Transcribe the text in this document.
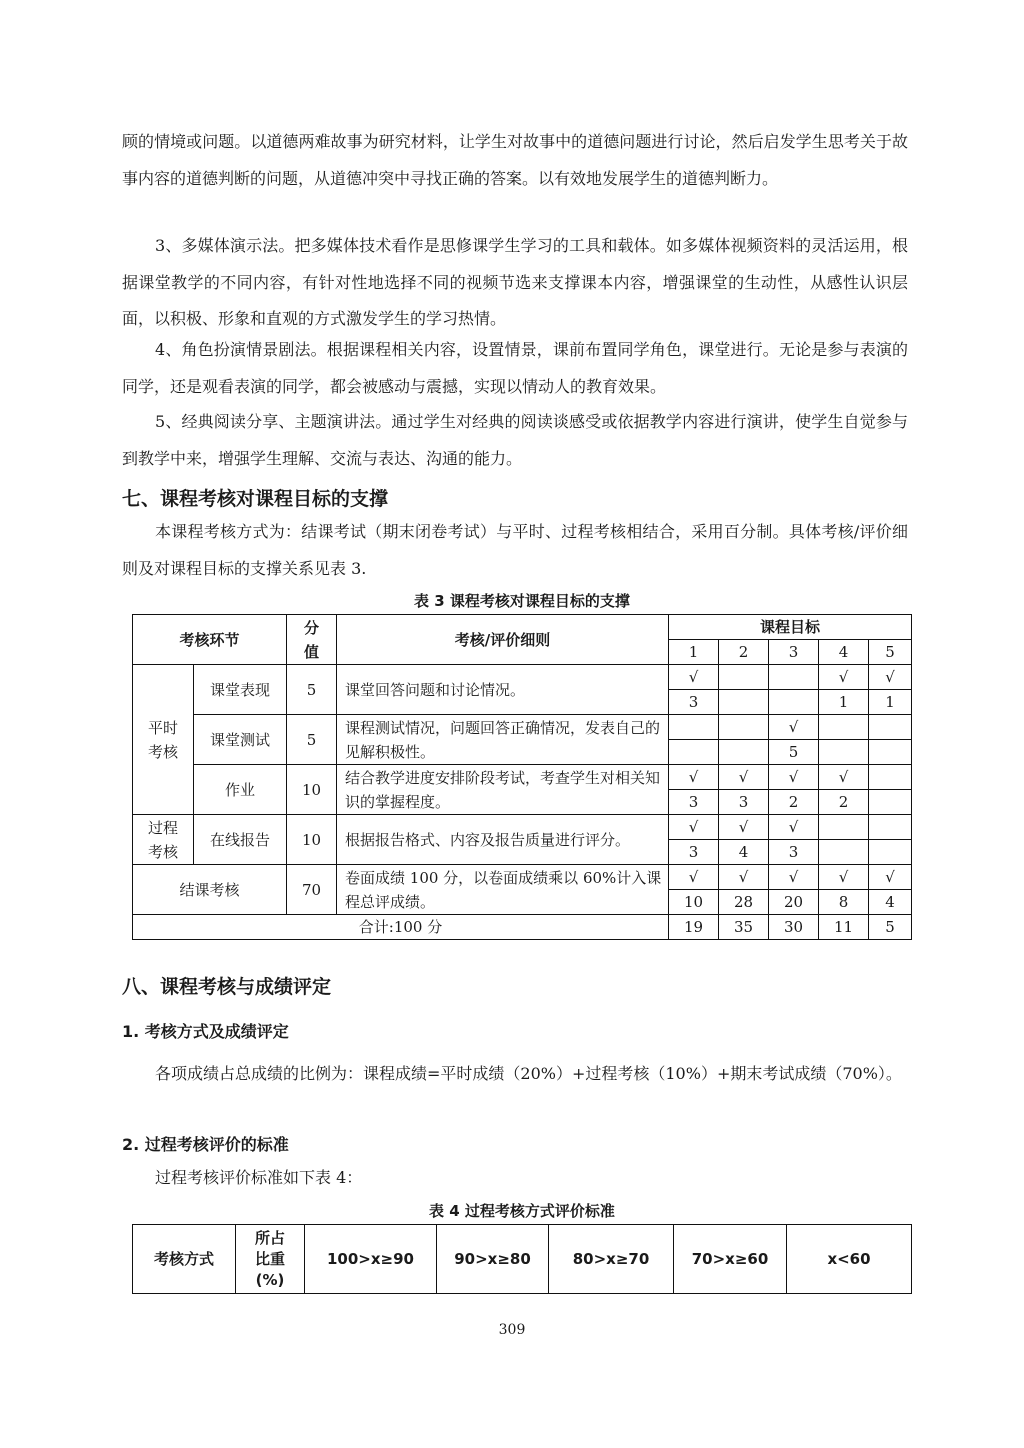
顾的情境或问题。以道德两难故事为研究材料，让学生对故事中的道德问题进行讨论，然后启发学生思考关于故事内容的道德判断的问题，从道德冲突中寻找正确的答案。以有效地发展学生的道德判断力。

3、多媒体演示法。把多媒体技术看作是思修课学生学习的工具和载体。如多媒体视频资料的灵活运用，根据课堂教学的不同内容，有针对性地选择不同的视频节选来支撑课本内容，增强课堂的生动性，从感性认识层面，以积极、形象和直观的方式激发学生的学习热情。

4、角色扮演情景剧法。根据课程相关内容，设置情景，课前布置同学角色，课堂进行。无论是参与表演的同学，还是观看表演的同学，都会被感动与震撼，实现以情动人的教育效果。

5、经典阅读分享、主题演讲法。通过学生对经典的阅读谈感受或依据教学内容进行演讲，使学生自觉参与到教学中来，增强学生理解、交流与表达、沟通的能力。

七、课程考核对课程目标的支撑

本课程考核方式为：结课考试（期末闭卷考试）与平时、过程考核相结合，采用百分制。具体考核/评价细则及对课程目标的支撑关系见表 3.

表 3 课程考核对课程目标的支撑
考核环节		分值	考核/评价细则	课程目标				
				1	2	3	4	5
平时考核	课堂表现	5	课堂回答问题和讨论情况。	√			√	√
				3			1	1
	课堂测试	5	课程测试情况，问题回答正确情况，发表自己的见解积极性。			√		
						5		
	作业	10	结合教学进度安排阶段考试，考查学生对相关知识的掌握程度。	√	√	√	√	
				3	3	2	2	
过程考核	在线报告	10	根据报告格式、内容及报告质量进行评分。	√	√	√		
				3	4	3		
结课考核		70	卷面成绩 100 分，以卷面成绩乘以 60%计入课程总评成绩。	√	√	√	√	√
				10	28	20	8	4
合计:100 分				19	35	30	11	5
八、课程考核与成绩评定
1. 考核方式及成绩评定

各项成绩占总成绩的比例为：课程成绩=平时成绩（20%）+过程考核（10%）+期末考试成绩（70%）。

2. 过程考核评价的标准

过程考核评价标准如下表 4：

表 4 过程考核方式评价标准
考核方式	所占比重(%)	100>x≥90	90>x≥80	80>x≥70	70>x≥60	x<60
309
